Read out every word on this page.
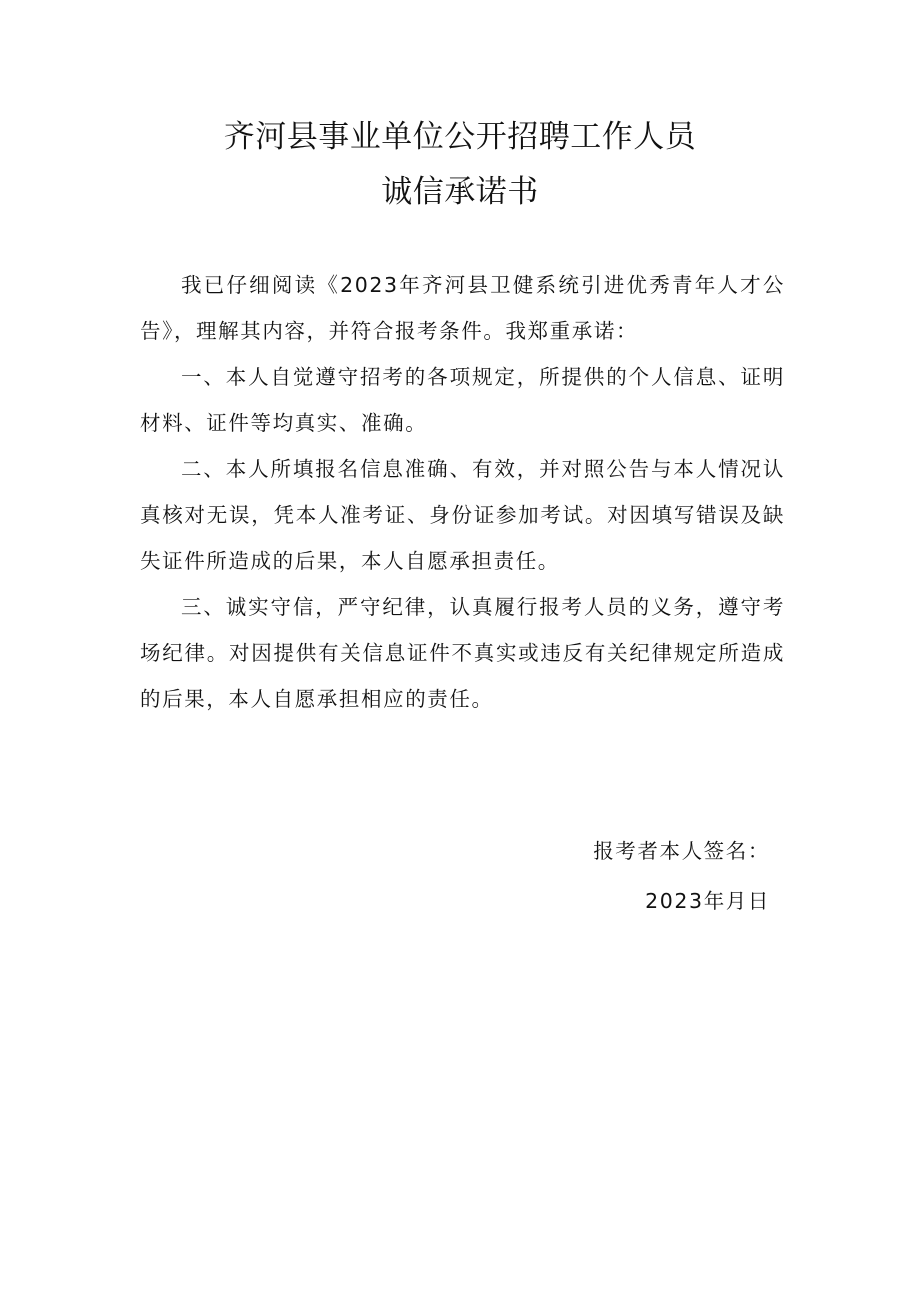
齐河县事业单位公开招聘工作人员
诚信承诺书

我已仔细阅读《2023年齐河县卫健系统引进优秀青年人才公告》，理解其内容，并符合报考条件。我郑重承诺：

一、本人自觉遵守招考的各项规定，所提供的个人信息、证明材料、证件等均真实、准确。

二、本人所填报名信息准确、有效，并对照公告与本人情况认真核对无误，凭本人准考证、身份证参加考试。对因填写错误及缺失证件所造成的后果，本人自愿承担责任。

三、诚实守信，严守纪律，认真履行报考人员的义务，遵守考场纪律。对因提供有关信息证件不真实或违反有关纪律规定所造成的后果，本人自愿承担相应的责任。

报考者本人签名：
2023年月日
